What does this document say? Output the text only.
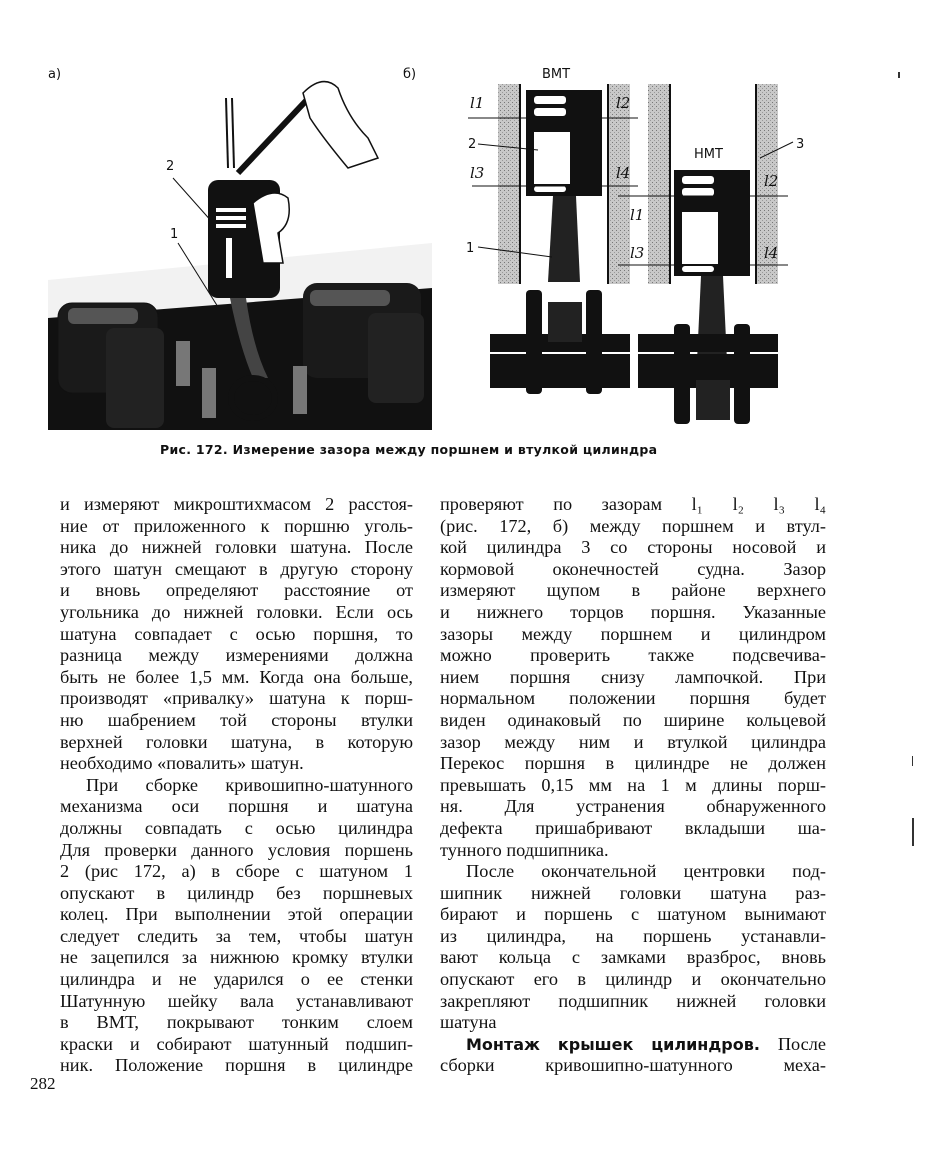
а)	б)
2
1
ВМТ
НМТ
l1	l2
l3	l4	l2
l1
l3	l4
2
1
3
Рис. 172. Измерение зазора между поршнем и втулкой цилиндра
и измеряют микроштихмасом 2 расстоя-
ние от приложенного к поршню уголь-
ника до нижней головки шатуна. После
этого шатун смещают в другую сторону
и вновь определяют расстояние от
угольника до нижней головки. Если ось
шатуна совпадает с осью поршня, то
разница между измерениями должна
быть не более 1,5 мм. Когда она больше,
производят «привалку» шатуна к порш-
ню шабрением той стороны втулки
верхней головки шатуна, в которую
необходимо «повалить» шатун.
При сборке кривошипно-шатунного
механизма оси поршня и шатуна
должны совпадать с осью цилиндра
Для проверки данного условия поршень
2 (рис 172, а) в сборе с шатуном 1
опускают в цилиндр без поршневых
колец. При выполнении этой операции
следует следить за тем, чтобы шатун
не зацепился за нижнюю кромку втулки
цилиндра и не ударился о ее стенки
Шатунную шейку вала устанавливают
в ВМТ, покрывают тонким слоем
краски и собирают шатунный подшип-
ник. Положение поршня в цилиндре
проверяют по зазорам l₁ l₂ l₃ l₄
(рис. 172, б) между поршнем и втул-
кой цилиндра 3 со стороны носовой и
кормовой оконечностей судна. Зазор
измеряют щупом в районе верхнего
и нижнего торцов поршня. Указанные
зазоры между поршнем и цилиндром
можно проверить также подсвечива-
нием поршня снизу лампочкой. При
нормальном положении поршня будет
виден одинаковый по ширине кольцевой
зазор между ним и втулкой цилиндра
Перекос поршня в цилиндре не должен
превышать 0,15 мм на 1 м длины порш-
ня. Для устранения обнаруженного
дефекта пришабривают вкладыши ша-
тунного подшипника.
После окончательной центровки под-
шипник нижней головки шатуна раз-
бирают и поршень с шатуном вынимают
из цилиндра, на поршень устанавли-
вают кольца с замками вразброс, вновь
опускают его в цилиндр и окончательно
закрепляют подшипник нижней головки
шатуна
Монтаж крышек цилиндров. После
сборки кривошипно-шатунного меха-
282
